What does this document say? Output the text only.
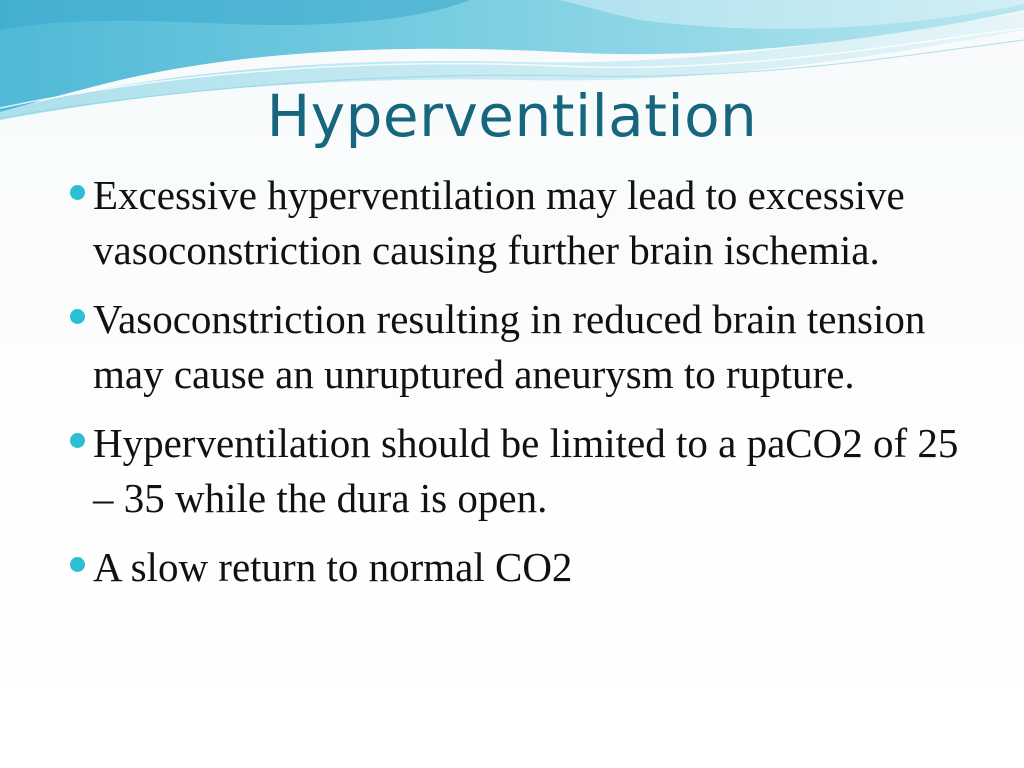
Hyperventilation
Excessive hyperventilation may lead to excessive vasoconstriction causing further brain ischemia.
Vasoconstriction resulting in reduced brain tension may cause an unruptured aneurysm to rupture.
Hyperventilation should be limited to a paCO2 of 25 – 35 while the dura is open.
A slow return to normal CO2
